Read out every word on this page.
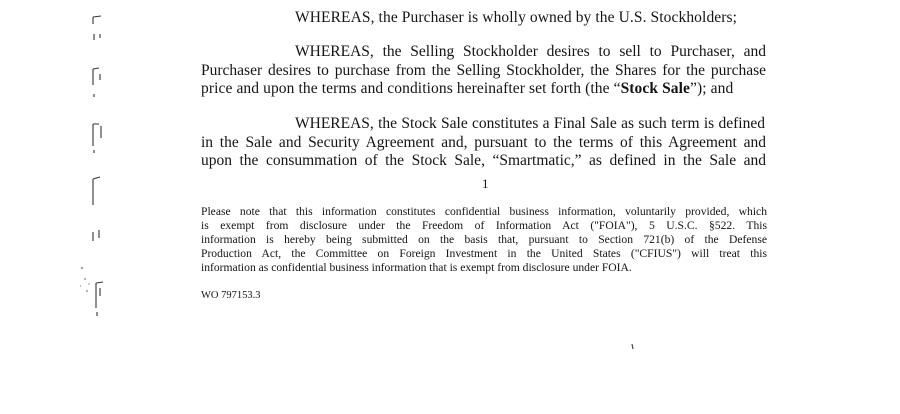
WHEREAS, the Purchaser is wholly owned by the U.S. Stockholders;
WHEREAS, the Selling Stockholder desires to sell to Purchaser, and
Purchaser desires to purchase from the Selling Stockholder, the Shares for the purchase
price and upon the terms and conditions hereinafter set forth (the “Stock Sale”); and
WHEREAS, the Stock Sale constitutes a Final Sale as such term is defined
in the Sale and Security Agreement and, pursuant to the terms of this Agreement and
upon the consummation of the Stock Sale, “Smartmatic,” as defined in the Sale and
1
Please note that this information constitutes confidential business information, voluntarily provided, which
is exempt from disclosure under the Freedom of Information Act ("FOIA"), 5 U.S.C. §522. This
information is hereby being submitted on the basis that, pursuant to Section 721(b) of the Defense
Production Act, the Committee on Foreign Investment in the United States ("CFIUS") will treat this
information as confidential business information that is exempt from disclosure under FOIA.
WO 797153.3
